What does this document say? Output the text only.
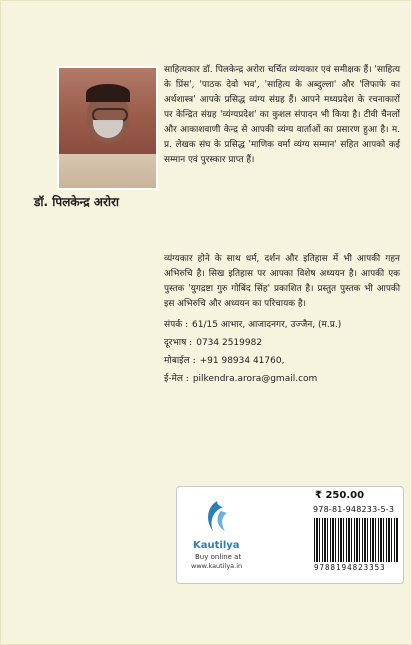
डॉ. पिलकेन्द्र अरोरा

साहित्यकार डॉ. पिलकेन्द्र अरोरा चर्चित व्यंग्यकार एवं समीक्षक हैं। 'साहित्य के प्रिंस', 'पाठक देवो भव', 'साहित्य के अब्दुल्ला' और 'लिफाफे का अर्थशास्त्र' आपके प्रसिद्ध व्यंग्य संग्रह हैं। आपने मध्यप्रदेश के रचनाकारों पर केन्द्रित संग्रह 'व्यंग्यप्रदेश' का कुशल संपादन भी किया है। टीवी चैनलों और आकाशवाणी केन्द्र से आपकी व्यंग्य वार्ताओं का प्रसारण हुआ है। म. प्र. लेखक संघ के प्रसिद्ध 'माणिक वर्मा व्यंग्य सम्मान' सहित आपको कई सम्मान एवं पुरस्कार प्राप्त हैं।

व्यंग्यकार होने के साथ धर्म, दर्शन और इतिहास में भी आपकी गहन अभिरुचि है। सिख इतिहास पर आपका विशेष अध्ययन है। आपकी एक पुस्तक 'युगद्रष्टा गुरु गोबिंद सिंह' प्रकाशित है। प्रस्तुत पुस्तक भी आपकी इस अभिरुचि और अध्ययन का परिचायक है।

संपर्क : 61/15 आभार, आजादनगर, उज्जैन, (म.प्र.)
दूरभाष : 0734 2519982
मोबाईल : +91 98934 41760,
ई-मेल : pilkendra.arora@gmail.com
Kautilya
Buy online at
www.kautilya.in
₹ 250.00
978-81-948233-5-3
9788194823353
